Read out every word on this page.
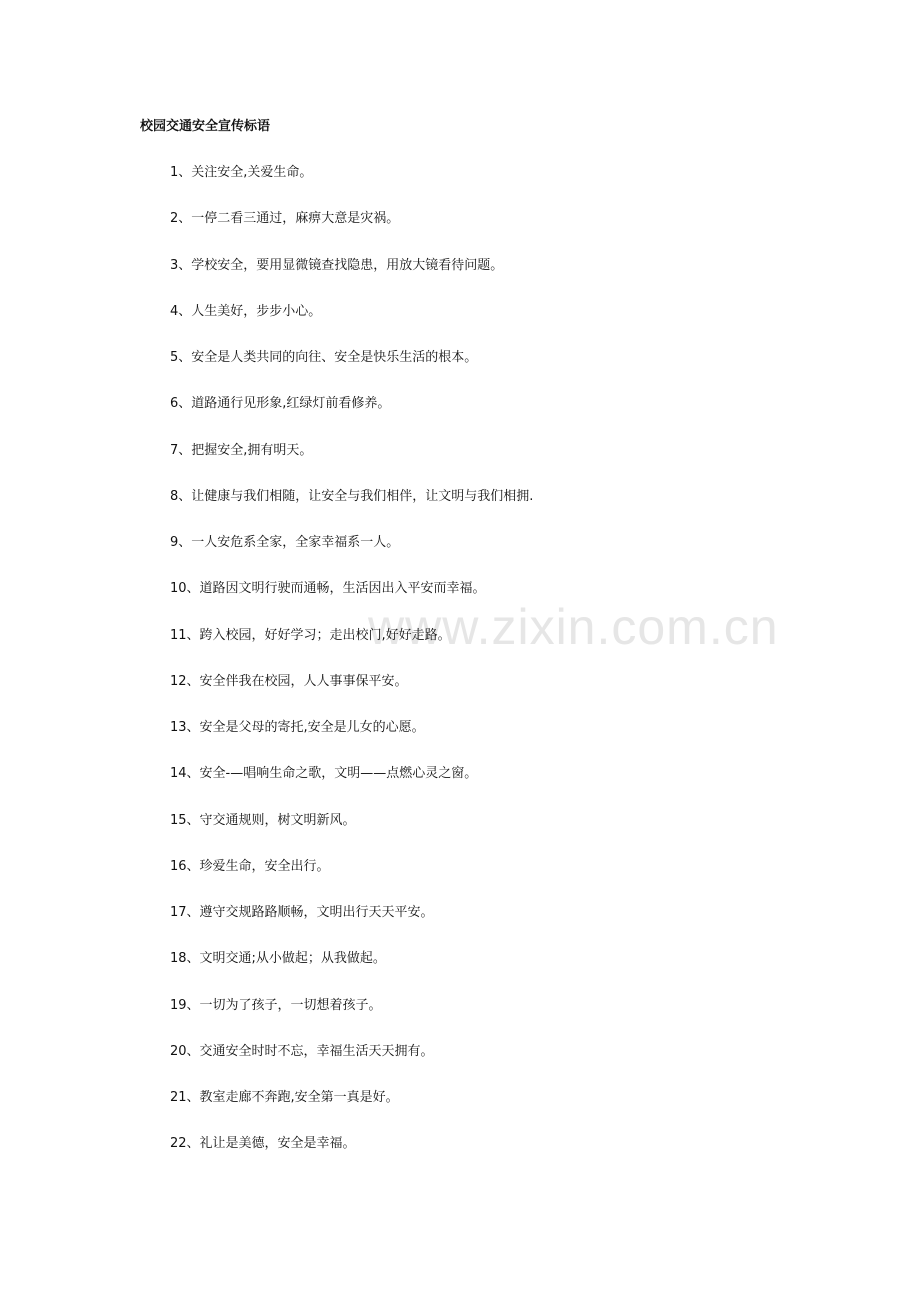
www.zixin.com.cn
校园交通安全宣传标语
1、关注安全,关爱生命。
2、一停二看三通过，麻痹大意是灾祸。
3、学校安全，要用显微镜查找隐患，用放大镜看待问题。
4、人生美好，步步小心。
5、安全是人类共同的向往、安全是快乐生活的根本。
6、道路通行见形象,红绿灯前看修养。
7、把握安全,拥有明天。
8、让健康与我们相随，让安全与我们相伴，让文明与我们相拥.
9、一人安危系全家，全家幸福系一人。
10、道路因文明行驶而通畅，生活因出入平安而幸福。
11、跨入校园，好好学习；走出校门,好好走路。
12、安全伴我在校园，人人事事保平安。
13、安全是父母的寄托,安全是儿女的心愿。
14、安全-—唱响生命之歌，文明——点燃心灵之窗。
15、守交通规则，树文明新风。
16、珍爱生命，安全出行。
17、遵守交规路路顺畅，文明出行天天平安。
18、文明交通;从小做起；从我做起。
19、一切为了孩子，一切想着孩子。
20、交通安全时时不忘，幸福生活天天拥有。
21、教室走廊不奔跑,安全第一真是好。
22、礼让是美德，安全是幸福。
